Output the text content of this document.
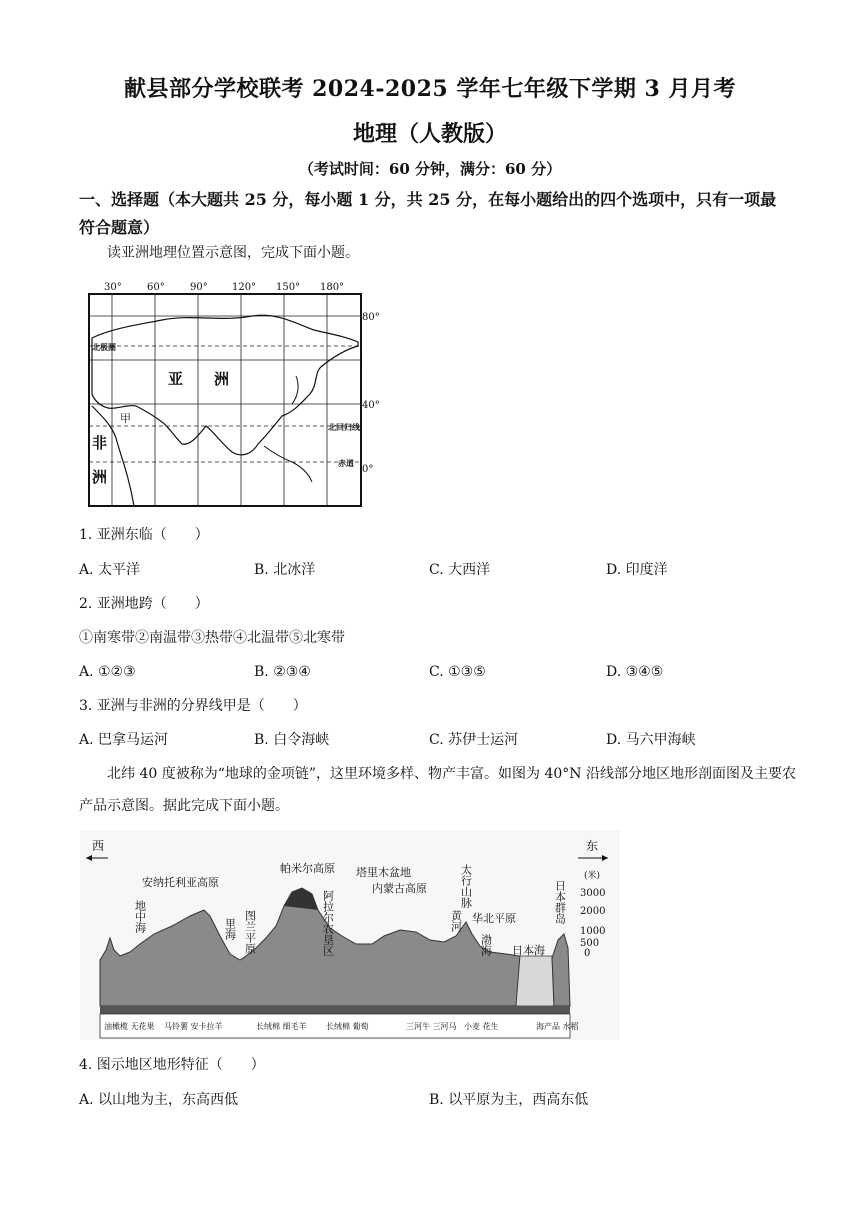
献县部分学校联考 2024-2025 学年七年级下学期 3 月月考
地理（人教版）
（考试时间：60 分钟，满分：60 分）
一、选择题（本大题共 25 分，每小题 1 分，共 25 分，在每小题给出的四个选项中，只有一项最符合题意）
读亚洲地理位置示意图，完成下面小题。
30°	60°	90° 120° 150° 180°
80°
40°
0°
亚 洲
非
洲
甲
北极圈
北回归线
赤道
1. 亚洲东临（　　）
A. 太平洋	B. 北冰洋	C. 大西洋	D. 印度洋
2. 亚洲地跨（　　）
①南寒带②南温带③热带④北温带⑤北寒带
A. ①②③	B. ②③④	C. ①③⑤	D. ③④⑤
3. 亚洲与非洲的分界线甲是（　　）
A. 巴拿马运河	B. 白令海峡	C. 苏伊士运河	D. 马六甲海峡
北纬 40 度被称为“地球的金项链”，这里环境多样、物产丰富。如图为 40°N 沿线部分地区地形剖面图及主要农产品示意图。据此完成下面小题。
西	东
(米)
3000
2000
1000
500
0
地中海
安纳托利亚高原
里海 图兰平原
帕米尔高原
阿拉尔农垦区
塔里木盆地
内蒙古高原	太行山脉
黄河 华北平原
渤海 日本海
日本群岛
油橄榄 无花果 马铃薯 安卡拉羊	长绒棉 细毛羊 长绒棉 葡萄	三河牛 三河马 小麦 花生	海产品 水稻
4. 图示地区地形特征（　　）
A. 以山地为主，东高西低	B. 以平原为主，西高东低
